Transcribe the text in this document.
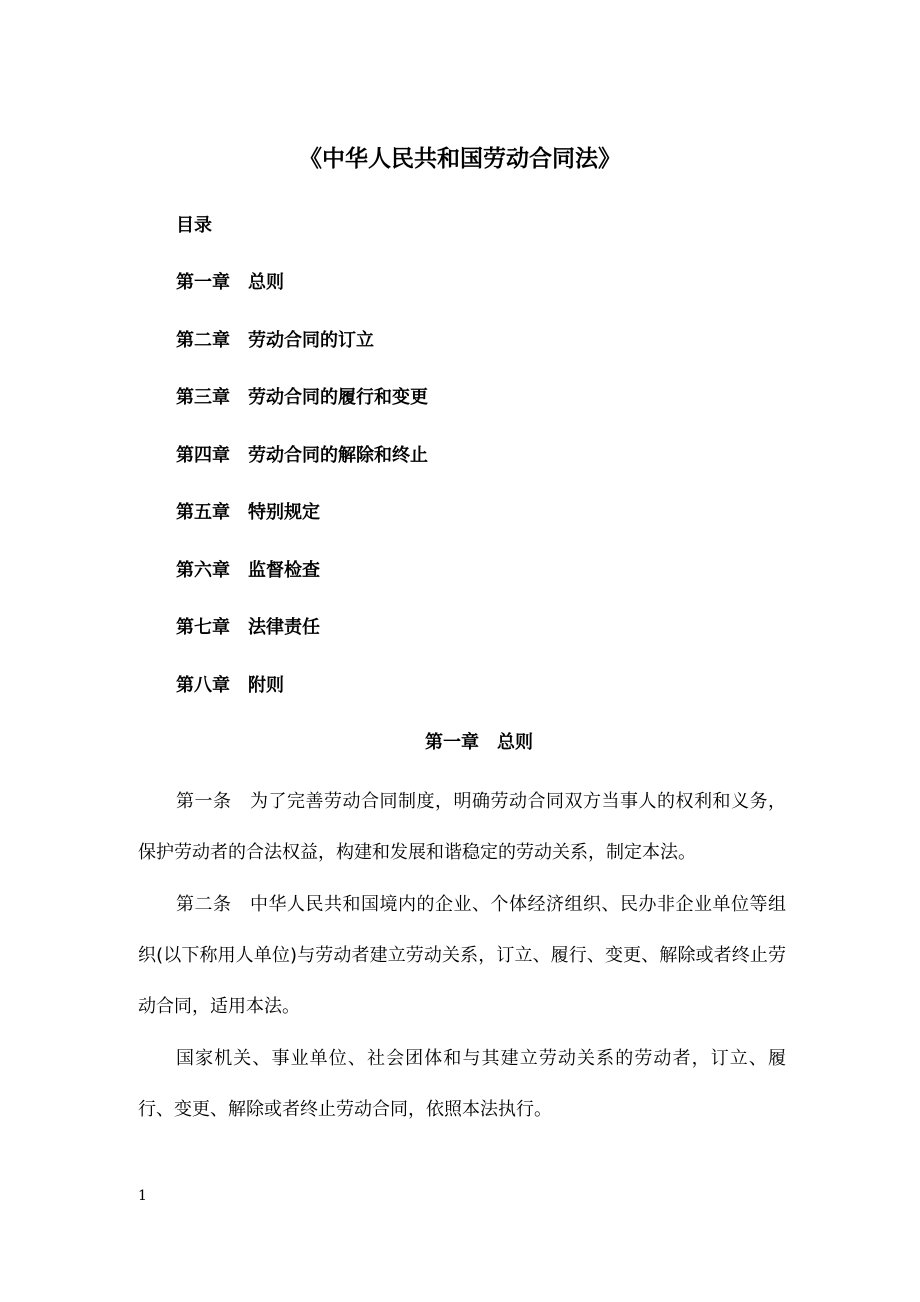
《中华人民共和国劳动合同法》
目录
第一章 总则
第二章 劳动合同的订立
第三章 劳动合同的履行和变更
第四章 劳动合同的解除和终止
第五章 特别规定
第六章 监督检查
第七章 法律责任
第八章 附则
第一章 总则

第一条 为了完善劳动合同制度，明确劳动合同双方当事人的权利和义务，保护劳动者的合法权益，构建和发展和谐稳定的劳动关系，制定本法。

第二条 中华人民共和国境内的企业、个体经济组织、民办非企业单位等组织(以下称用人单位)与劳动者建立劳动关系，订立、履行、变更、解除或者终止劳动合同，适用本法。

国家机关、事业单位、社会团体和与其建立劳动关系的劳动者，订立、履行、变更、解除或者终止劳动合同，依照本法执行。

1
